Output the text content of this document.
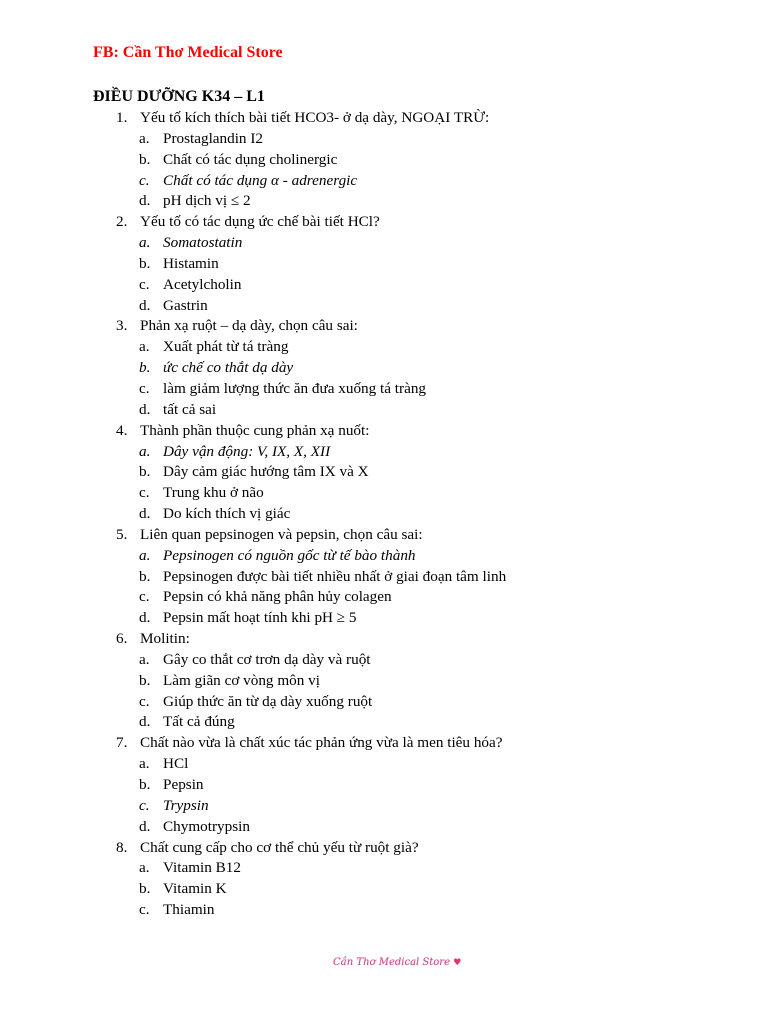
FB: Cần Thơ Medical Store
ĐIỀU DƯỠNG K34 – L1
1. Yếu tố kích thích bài tiết HCO3- ở dạ dày, NGOẠI TRỪ:
a. Prostaglandin I2
b. Chất có tác dụng cholinergic
c. Chất có tác dụng α - adrenergic
d. pH dịch vị ≤ 2
2. Yếu tố có tác dụng ức chế bài tiết HCl?
a. Somatostatin
b. Histamin
c. Acetylcholin
d. Gastrin
3. Phản xạ ruột – dạ dày, chọn câu sai:
a. Xuất phát từ tá tràng
b. ức chế co thắt dạ dày
c. làm giảm lượng thức ăn đưa xuống tá tràng
d. tất cả sai
4. Thành phần thuộc cung phản xạ nuốt:
a. Dây vận động: V, IX, X, XII
b. Dây cảm giác hướng tâm IX và X
c. Trung khu ở não
d. Do kích thích vị giác
5. Liên quan pepsinogen và pepsin, chọn câu sai:
a. Pepsinogen có nguồn gốc từ tế bào thành
b. Pepsinogen được bài tiết nhiều nhất ở giai đoạn tâm linh
c. Pepsin có khả năng phân hủy colagen
d. Pepsin mất hoạt tính khi pH ≥ 5
6. Molitin:
a. Gây co thắt cơ trơn dạ dày và ruột
b. Làm giãn cơ vòng môn vị
c. Giúp thức ăn từ dạ dày xuống ruột
d. Tất cả đúng
7. Chất nào vừa là chất xúc tác phản ứng vừa là men tiêu hóa?
a. HCl
b. Pepsin
c. Trypsin
d. Chymotrypsin
8. Chất cung cấp cho cơ thể chủ yếu từ ruột già?
a. Vitamin B12
b. Vitamin K
c. Thiamin
Cần Thơ Medical Store ♥
